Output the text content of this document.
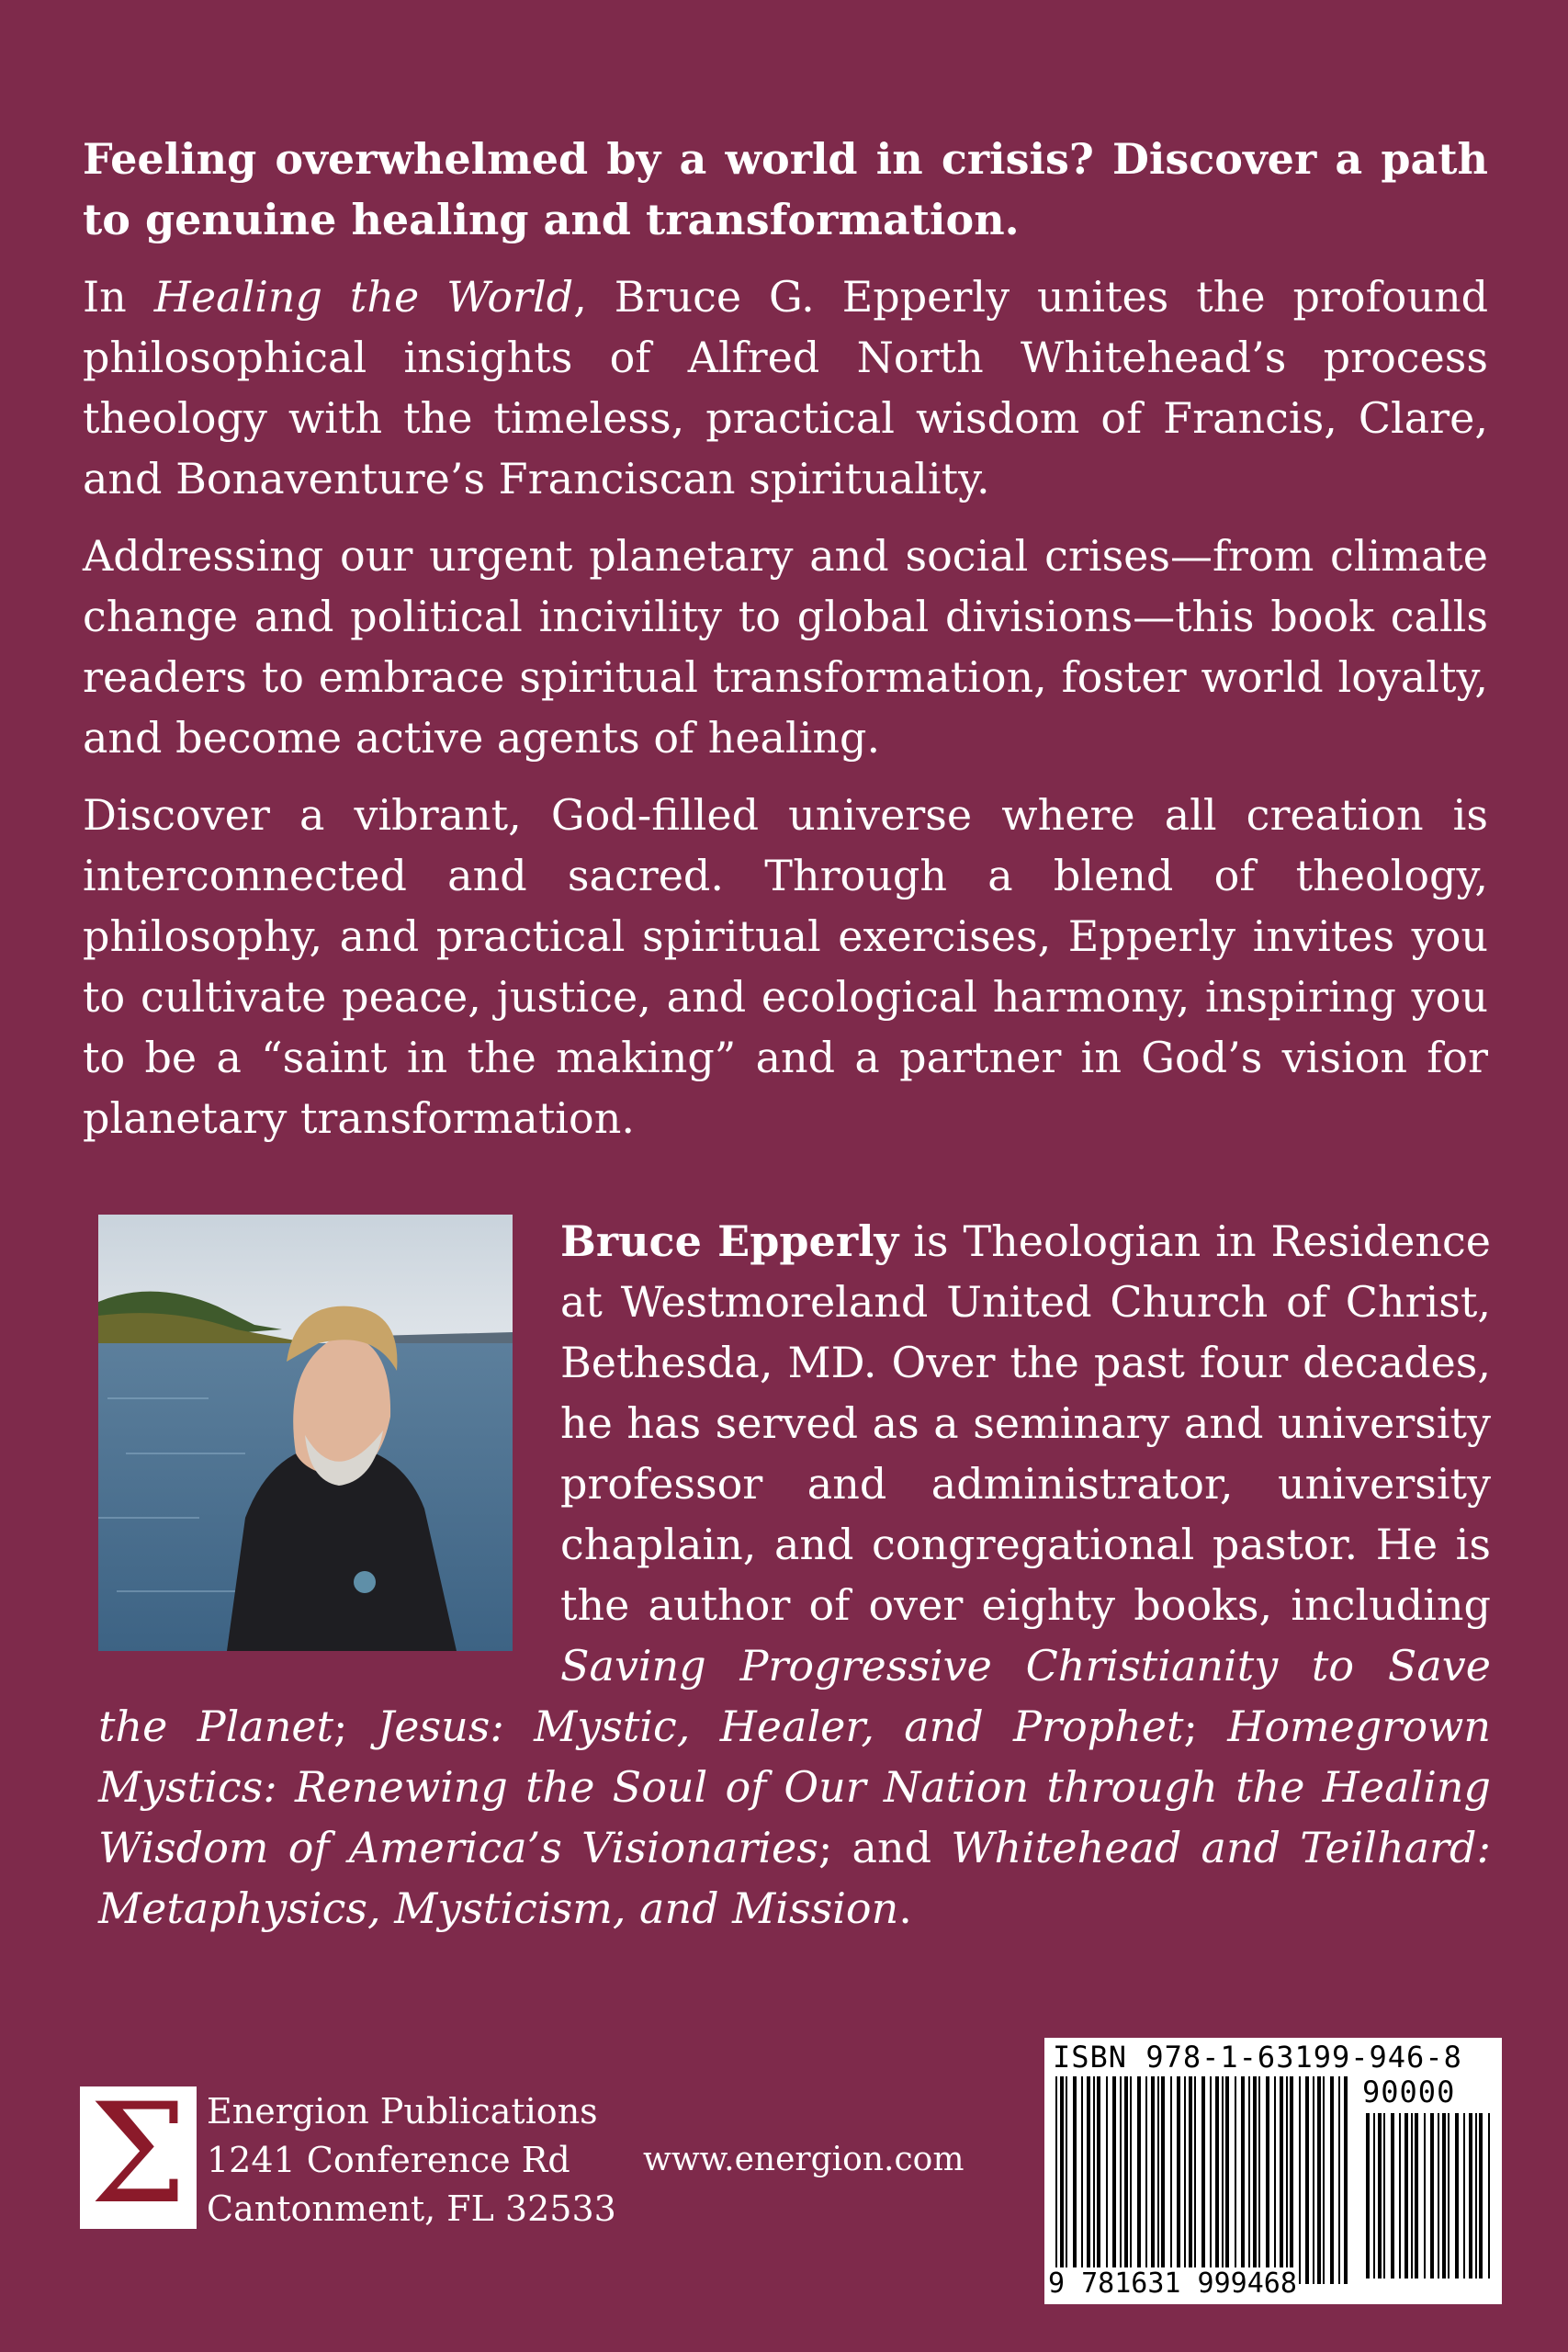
Feeling overwhelmed by a world in crisis? Discover a path to genuine healing and transformation.

In Healing the World, Bruce G. Epperly unites the profound philosophical insights of Alfred North Whitehead’s process theology with the timeless, practical wisdom of Francis, Clare, and Bonaventure’s Franciscan spirituality.

Addressing our urgent planetary and social crises—from climate change and political incivility to global divisions—this book calls readers to embrace spiritual transformation, foster world loyalty, and become active agents of healing.

Discover a vibrant, God-filled universe where all creation is interconnected and sacred. Through a blend of theology, philosophy, and practical spiritual exercises, Epperly invites you to cultivate peace, justice, and ecological harmony, inspiring you to be a “saint in the making” and a partner in God’s vision for planetary transformation.

Bruce Epperly is Theologian in Residence at Westmoreland United Church of Christ, Bethesda, MD. Over the past four decades, he has served as a seminary and university professor and administrator, university chaplain, and congregational pastor. He is the author of over eighty books, including Saving Progressive Christianity to Save the Planet; Jesus: Mystic, Healer, and Prophet; Homegrown Mystics: Renewing the Soul of Our Nation through the Healing Wisdom of America’s Visionaries; and Whitehead and Teilhard: Metaphysics, Mysticism, and Mission.
Σ Energion Publications
1241 Conference Rd
Cantonment, FL 32533
www.energion.com
ISBN 978-1-63199-946-8
90000
9 781631 999468
